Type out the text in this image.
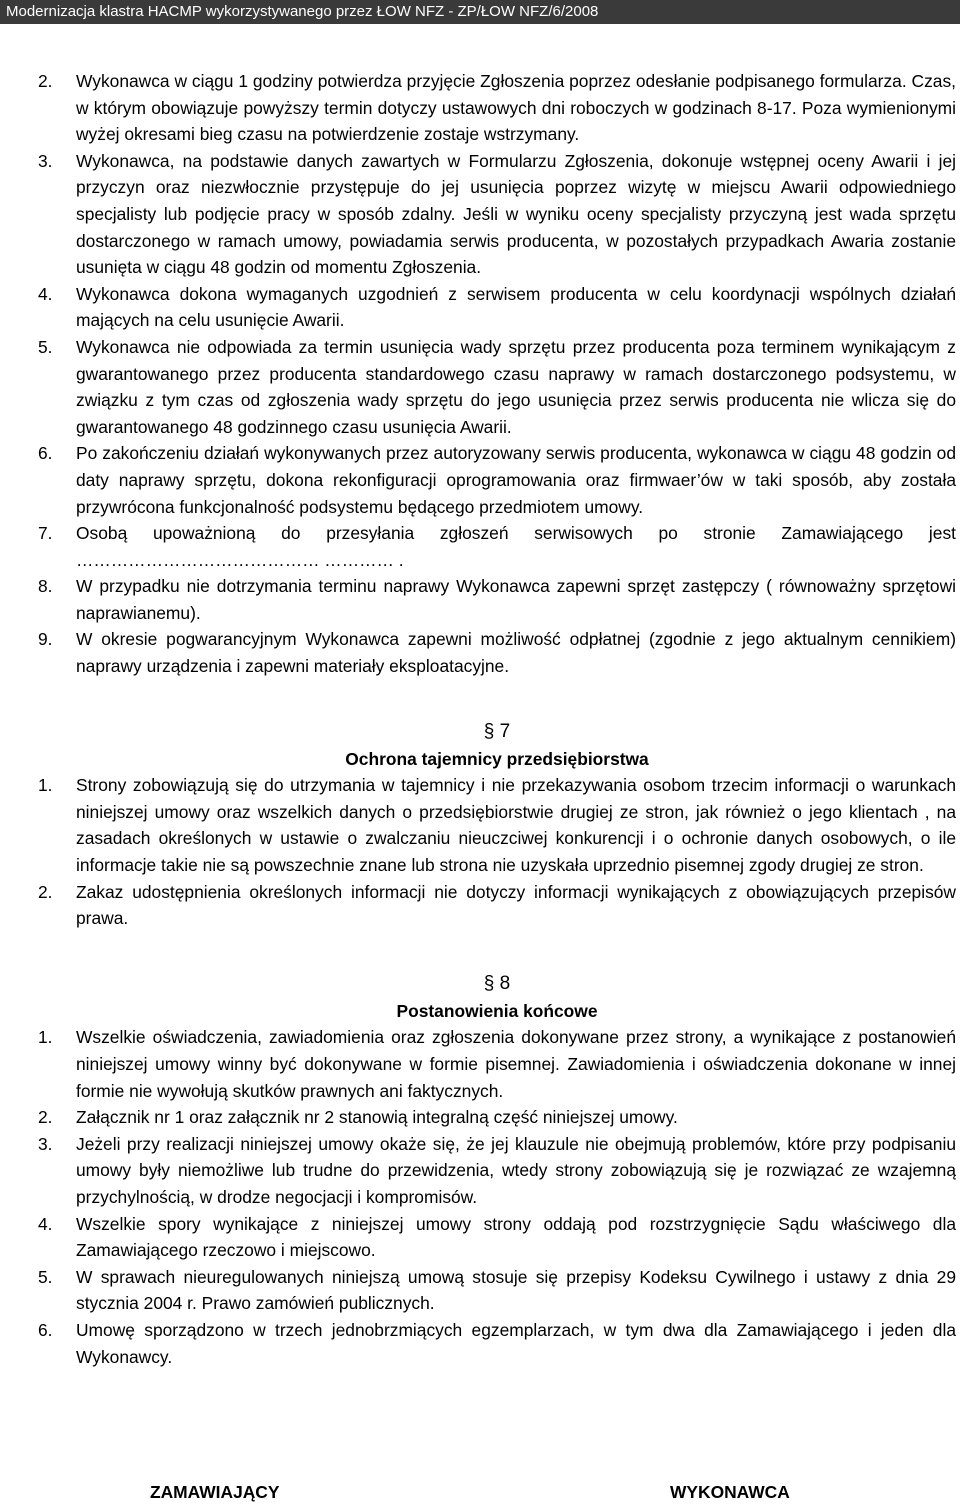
Modernizacja klastra HACMP wykorzystywanego przez ŁOW NFZ - ZP/ŁOW NFZ/6/2008
2.	Wykonawca w ciągu 1 godziny potwierdza przyjęcie Zgłoszenia poprzez odesłanie podpisanego formularza. Czas, w którym obowiązuje powyższy termin dotyczy ustawowych dni roboczych w godzinach 8-17. Poza wymienionymi wyżej okresami bieg czasu na potwierdzenie zostaje wstrzymany.
3.	Wykonawca, na podstawie danych zawartych w Formularzu Zgłoszenia, dokonuje wstępnej oceny Awarii i jej przyczyn oraz niezwłocznie przystępuje do jej usunięcia poprzez wizytę w miejscu Awarii odpowiedniego specjalisty lub podjęcie pracy w sposób zdalny. Jeśli w wyniku oceny specjalisty przyczyną jest wada sprzętu dostarczonego w ramach umowy, powiadamia serwis producenta, w pozostałych przypadkach Awaria zostanie usunięta w ciągu 48 godzin od momentu Zgłoszenia.
4.	Wykonawca dokona wymaganych uzgodnień z serwisem producenta w celu koordynacji wspólnych działań mających na celu usunięcie Awarii.
5.	Wykonawca nie odpowiada za termin usunięcia wady sprzętu przez producenta poza terminem wynikającym z gwarantowanego przez producenta standardowego czasu naprawy w ramach dostarczonego podsystemu, w związku z tym czas od zgłoszenia wady sprzętu do jego usunięcia przez serwis producenta nie wlicza się do gwarantowanego 48 godzinnego czasu usunięcia Awarii.
6.	Po zakończeniu działań wykonywanych przez autoryzowany serwis producenta, wykonawca w ciągu 48 godzin od daty naprawy sprzętu, dokona rekonfiguracji oprogramowania oraz firmwaer’ów w taki sposób, aby została przywrócona funkcjonalność podsystemu będącego przedmiotem umowy.
7.	Osobą upoważnioną do przesyłania zgłoszeń serwisowych po stronie Zamawiającego jest …………………………………… ………… .
8.	W przypadku nie dotrzymania terminu naprawy Wykonawca zapewni sprzęt zastępczy ( równoważny sprzętowi naprawianemu).
9.	W okresie pogwarancyjnym Wykonawca zapewni możliwość odpłatnej (zgodnie z jego aktualnym cennikiem) naprawy urządzenia i zapewni materiały eksploatacyjne.
§ 7
Ochrona tajemnicy przedsiębiorstwa
1.	Strony zobowiązują się do utrzymania w tajemnicy i nie przekazywania osobom trzecim informacji o warunkach niniejszej umowy oraz wszelkich danych o przedsiębiorstwie drugiej ze stron, jak również o jego klientach , na zasadach określonych w ustawie o zwalczaniu nieuczciwej konkurencji i o ochronie danych osobowych, o ile informacje takie nie są powszechnie znane lub strona nie uzyskała uprzednio pisemnej zgody drugiej ze stron.
2.	Zakaz udostępnienia określonych informacji nie dotyczy informacji wynikających z obowiązujących przepisów prawa.
§ 8
Postanowienia końcowe
1.	Wszelkie oświadczenia, zawiadomienia oraz zgłoszenia dokonywane przez strony, a wynikające z postanowień niniejszej umowy winny być dokonywane w formie pisemnej. Zawiadomienia i oświadczenia dokonane w innej formie nie wywołują skutków prawnych ani faktycznych.
2.	Załącznik nr 1 oraz załącznik nr 2 stanowią integralną część niniejszej umowy.
3.	Jeżeli przy realizacji niniejszej umowy okaże się, że jej klauzule nie obejmują problemów, które przy podpisaniu umowy były niemożliwe lub trudne do przewidzenia, wtedy strony zobowiązują się je rozwiązać ze wzajemną przychylnością, w drodze negocjacji i kompromisów.
4.	Wszelkie spory wynikające z niniejszej umowy strony oddają pod rozstrzygnięcie Sądu właściwego dla Zamawiającego rzeczowo i miejscowo.
5.	W sprawach nieuregulowanych niniejszą umową stosuje się przepisy Kodeksu Cywilnego i ustawy z dnia 29 stycznia 2004 r. Prawo zamówień publicznych.
6.	Umowę sporządzono w trzech jednobrzmiących egzemplarzach, w tym dwa dla Zamawiającego i jeden dla Wykonawcy.
ZAMAWIAJĄCY	WYKONAWCA
